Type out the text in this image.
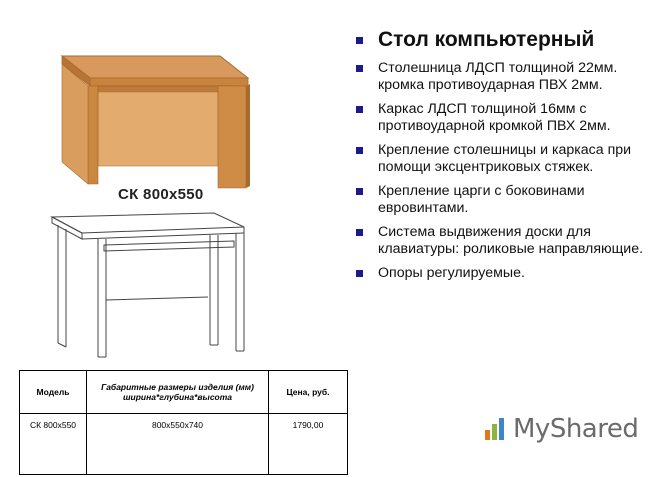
СК 800x550
Стол компьютерный
Столешница ЛДСП толщиной 22мм. кромка противоударная ПВХ 2мм.
Каркас ЛДСП толщиной 16мм с противоударной кромкой ПВХ 2мм.
Крепление столешницы и каркаса при помощи эксцентриковых стяжек.
Крепление царги с боковинами евровинтами.
Система выдвижения доски для клавиатуры: роликовые направляющие.
Опоры регулируемые.
Модель	Габаритные размеры изделия (мм) ширина*глубина*высота	Цена, руб.
СК 800x550	800x550x740	1790,00	MyShared
